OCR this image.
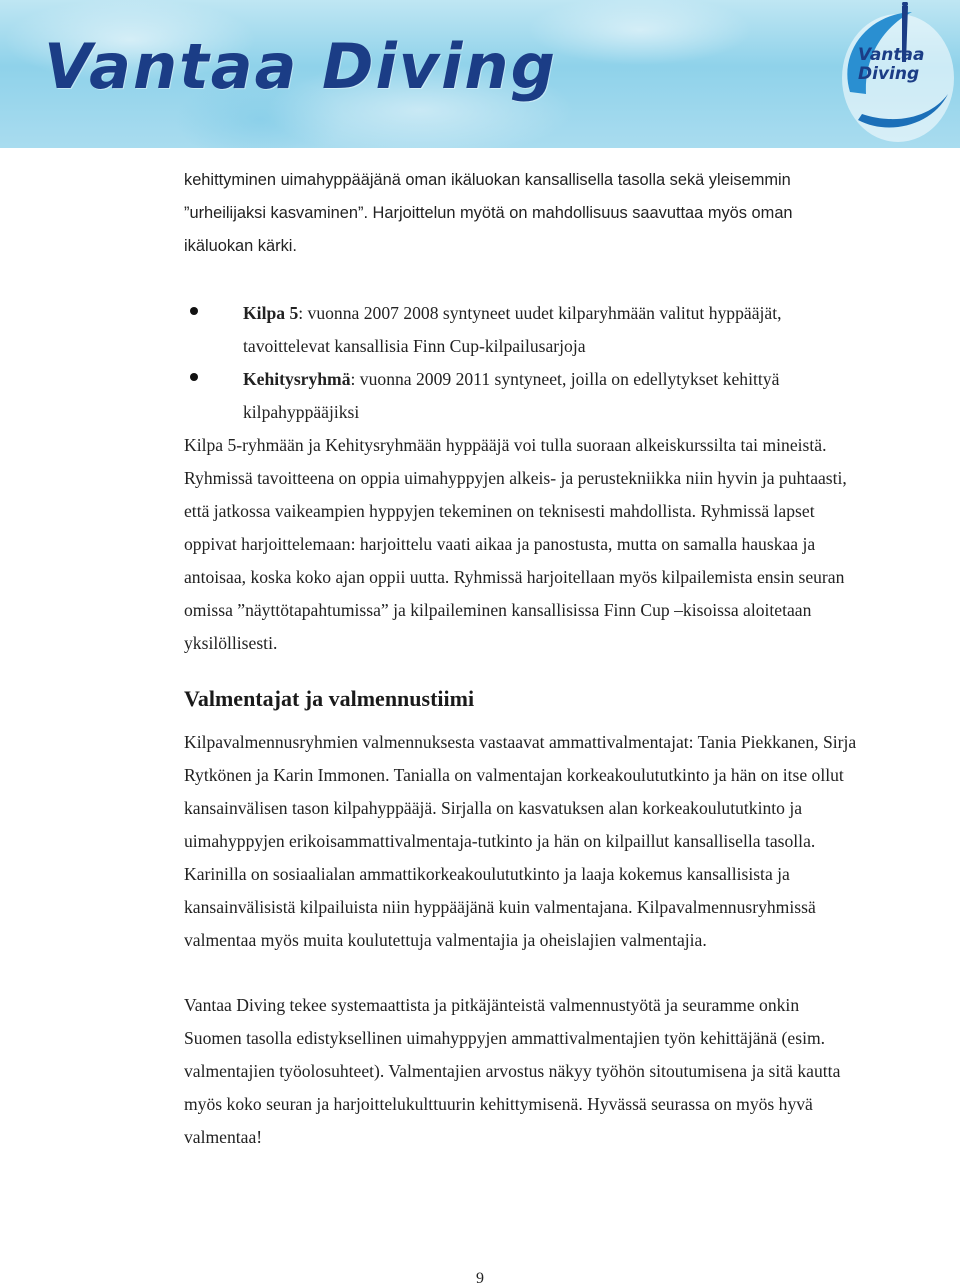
Vantaa Diving	Vantaa
Diving

kehittyminen uimahyppääjänä oman ikäluokan kansallisella tasolla sekä yleisemmin

”urheilijaksi kasvaminen”. Harjoittelun myötä on mahdollisuus saavuttaa myös oman

ikäluokan kärki.

Kilpa 5: vuonna 2007 2008 syntyneet uudet kilparyhmään valitut hyppääjät,

tavoittelevat kansallisia Finn Cup-kilpailusarjoja

Kehitysryhmä: vuonna 2009 2011 syntyneet, joilla on edellytykset kehittyä

kilpahyppääjiksi

Kilpa 5-ryhmään ja Kehitysryhmään hyppääjä voi tulla suoraan alkeiskurssilta tai mineistä.

Ryhmissä tavoitteena on oppia uimahyppyjen alkeis- ja perustekniikka niin hyvin ja puhtaasti,

että jatkossa vaikeampien hyppyjen tekeminen on teknisesti mahdollista. Ryhmissä lapset

oppivat harjoittelemaan: harjoittelu vaati aikaa ja panostusta, mutta on samalla hauskaa ja

antoisaa, koska koko ajan oppii uutta. Ryhmissä harjoitellaan myös kilpailemista ensin seuran

omissa ”näyttötapahtumissa” ja kilpaileminen kansallisissa Finn Cup –kisoissa aloitetaan

yksilöllisesti.

Valmentajat ja valmennustiimi

Kilpavalmennusryhmien valmennuksesta vastaavat ammattivalmentajat: Tania Piekkanen, Sirja

Rytkönen ja Karin Immonen. Tanialla on valmentajan korkeakoulututkinto ja hän on itse ollut

kansainvälisen tason kilpahyppääjä. Sirjalla on kasvatuksen alan korkeakoulututkinto ja

uimahyppyjen erikoisammattivalmentaja-tutkinto ja hän on kilpaillut kansallisella tasolla.

Karinilla on sosiaalialan ammattikorkeakoulututkinto ja laaja kokemus kansallisista ja

kansainvälisistä kilpailuista niin hyppääjänä kuin valmentajana. Kilpavalmennusryhmissä

valmentaa myös muita koulutettuja valmentajia ja oheislajien valmentajia.

Vantaa Diving tekee systemaattista ja pitkäjänteistä valmennustyötä ja seuramme onkin

Suomen tasolla edistyksellinen uimahyppyjen ammattivalmentajien työn kehittäjänä (esim.

valmentajien työolosuhteet). Valmentajien arvostus näkyy työhön sitoutumisena ja sitä kautta

myös koko seuran ja harjoittelukulttuurin kehittymisenä. Hyvässä seurassa on myös hyvä

valmentaa!

9
